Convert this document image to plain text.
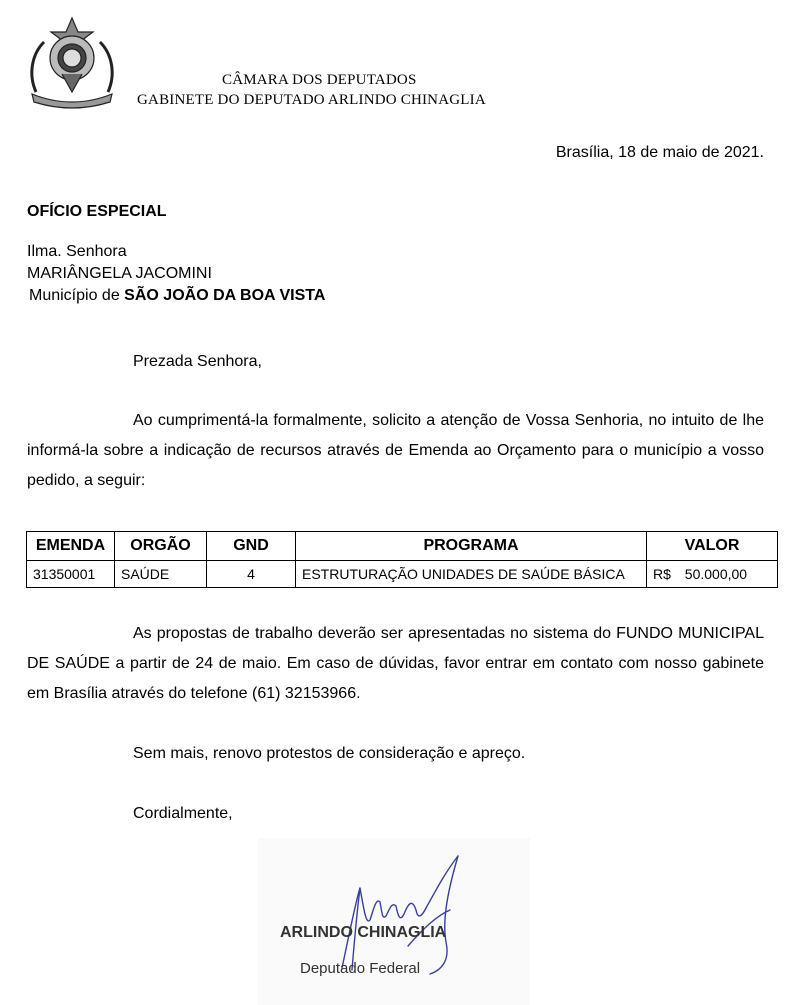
CÂMARA DOS DEPUTADOS
GABINETE DO DEPUTADO ARLINDO CHINAGLIA
Brasília, 18 de maio de 2021.
OFÍCIO ESPECIAL
Ilma. Senhora
MARIÂNGELA JACOMINI
Município de SÃO JOÃO DA BOA VISTA
Prezada Senhora,
Ao cumprimentá-la formalmente, solicito a atenção de Vossa Senhoria, no intuito de lhe informá-la sobre a indicação de recursos através de Emenda ao Orçamento para o município a vosso pedido, a seguir:
EMENDA	ORGÃO	GND	PROGRAMA	VALOR
31350001	SAÚDE	4	ESTRUTURAÇÃO UNIDADES DE SAÚDE BÁSICA	R$ 50.000,00
As propostas de trabalho deverão ser apresentadas no sistema do FUNDO MUNICIPAL DE SAÚDE a partir de 24 de maio. Em caso de dúvidas, favor entrar em contato com nosso gabinete em Brasília através do telefone (61) 32153966.
Sem mais, renovo protestos de consideração e apreço.
Cordialmente,
ARLINDO CHINAGLIA
Deputado Federal
